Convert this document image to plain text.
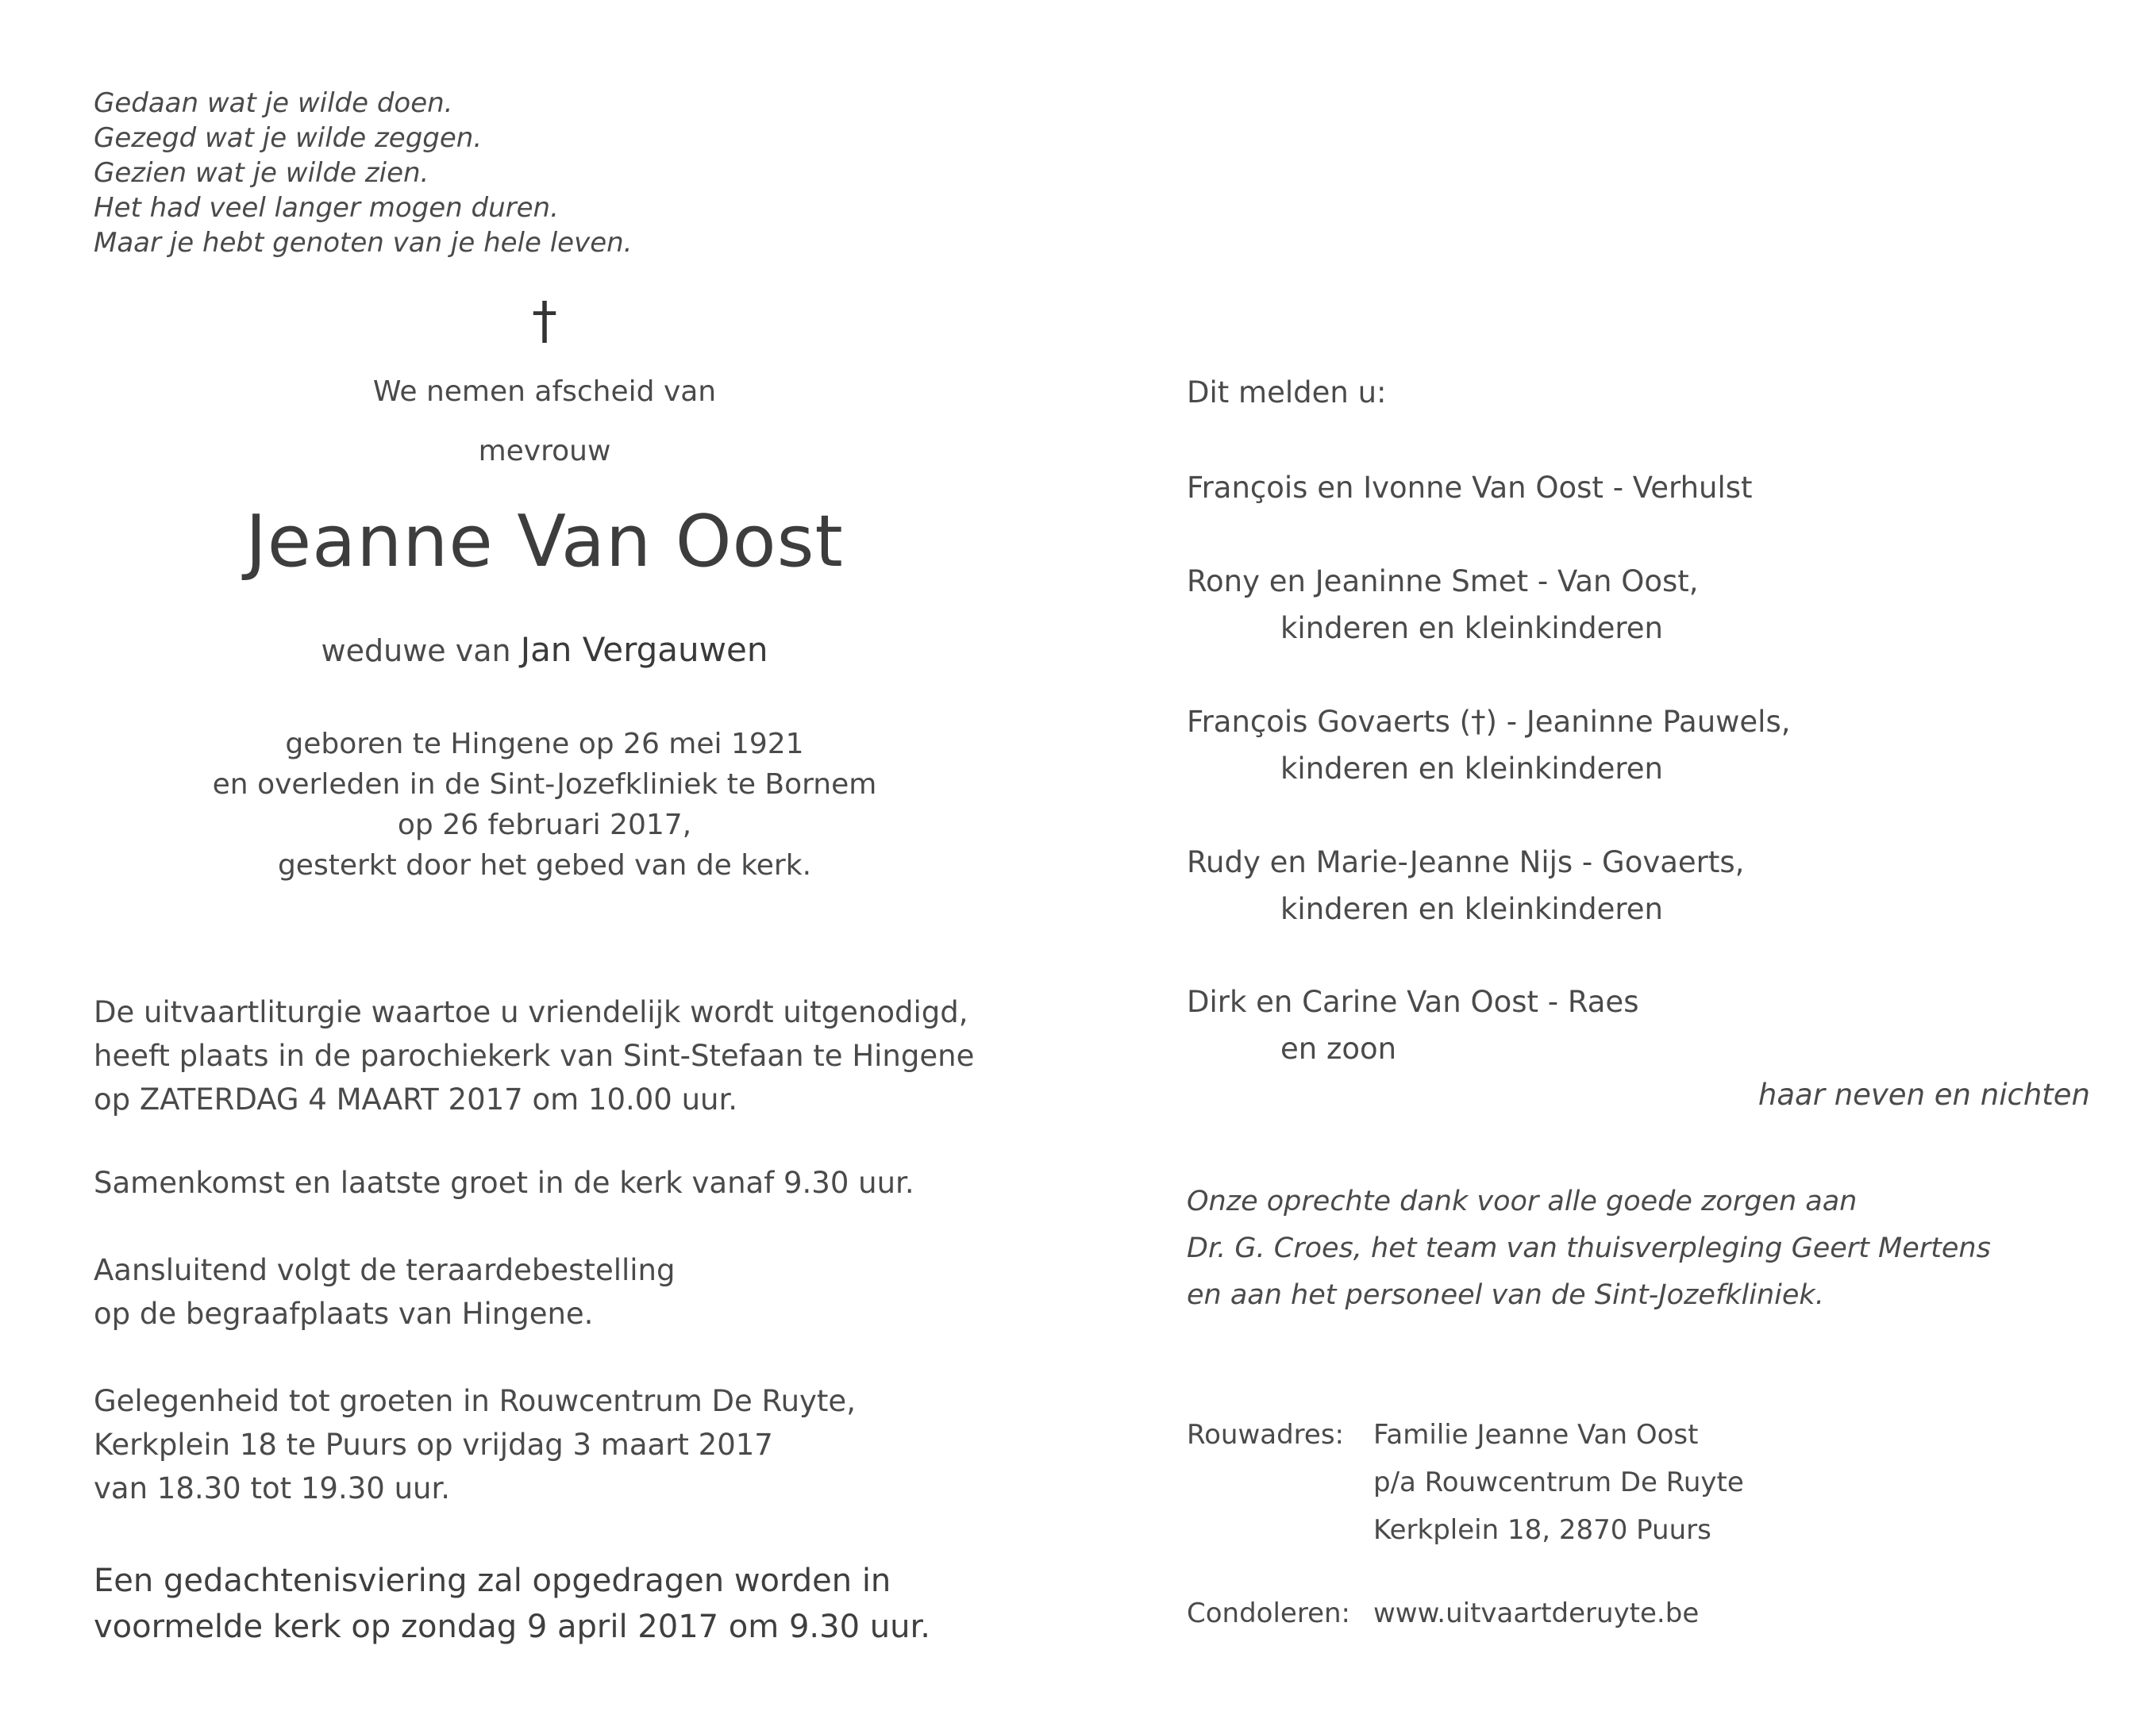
Gedaan wat je wilde doen.
Gezegd wat je wilde zeggen.
Gezien wat je wilde zien.
Het had veel langer mogen duren.
Maar je hebt genoten van je hele leven.
†
We nemen afscheid van
mevrouw
Jeanne Van Oost
weduwe van Jan Vergauwen
geboren te Hingene op 26 mei 1921
en overleden in de Sint-Jozefkliniek te Bornem
op 26 februari 2017,
gesterkt door het gebed van de kerk.
De uitvaartliturgie waartoe u vriendelijk wordt uitgenodigd,
heeft plaats in de parochiekerk van Sint-Stefaan te Hingene
op ZATERDAG 4 MAART 2017 om 10.00 uur.
Samenkomst en laatste groet in de kerk vanaf 9.30 uur.
Aansluitend volgt de teraardebestelling
op de begraafplaats van Hingene.
Gelegenheid tot groeten in Rouwcentrum De Ruyte,
Kerkplein 18 te Puurs op vrijdag 3 maart 2017
van 18.30 tot 19.30 uur.
Een gedachtenisviering zal opgedragen worden in
voormelde kerk op zondag 9 april 2017 om 9.30 uur.
Dit melden u:
François en Ivonne Van Oost - Verhulst
Rony en Jeaninne Smet - Van Oost,
kinderen en kleinkinderen
François Govaerts (†) - Jeaninne Pauwels,
kinderen en kleinkinderen
Rudy en Marie-Jeanne Nijs - Govaerts,
kinderen en kleinkinderen
Dirk en Carine Van Oost - Raes
en zoon
haar neven en nichten
Onze oprechte dank voor alle goede zorgen aan
Dr. G. Croes, het team van thuisverpleging Geert Mertens
en aan het personeel van de Sint-Jozefkliniek.
Rouwadres: Familie Jeanne Van Oost
p/a Rouwcentrum De Ruyte
Kerkplein 18, 2870 Puurs
Condoleren: www.uitvaartderuyte.be
